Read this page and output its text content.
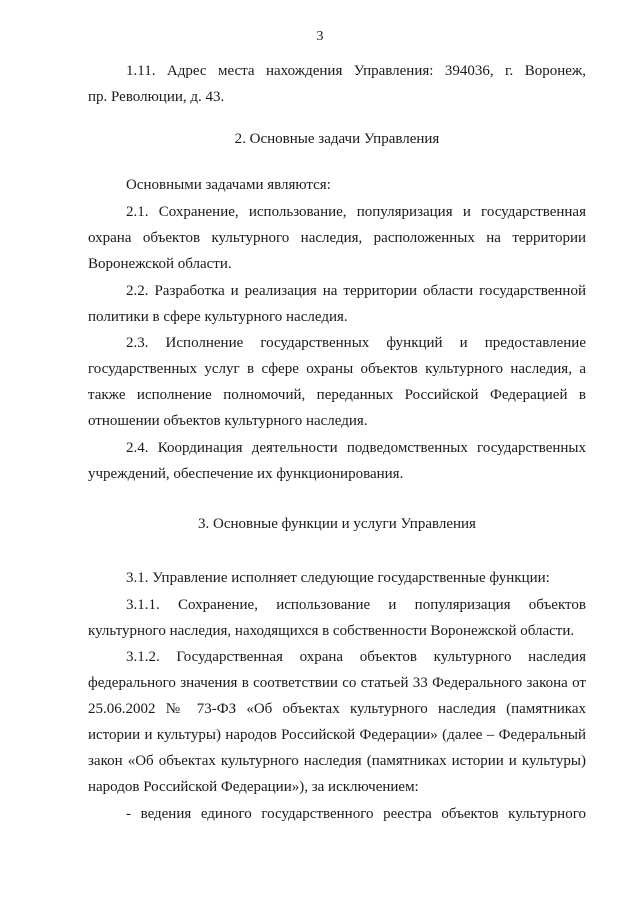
3
1.11. Адрес места нахождения Управления: 394036, г. Воронеж,
пр. Революции, д. 43.
2. Основные задачи Управления
Основными задачами являются:
2.1. Сохранение, использование, популяризация и государственная
охрана объектов культурного наследия, расположенных на территории
Воронежской области.
2.2. Разработка и реализация на территории области государственной
политики в сфере культурного наследия.
2.3. Исполнение государственных функций и предоставление
государственных услуг в сфере охраны объектов культурного наследия, а
также исполнение полномочий, переданных Российской Федерацией в
отношении объектов культурного наследия.
2.4. Координация деятельности подведомственных государственных
учреждений, обеспечение их функционирования.
3. Основные функции и услуги Управления
3.1. Управление исполняет следующие государственные функции:
3.1.1. Сохранение, использование и популяризация объектов
культурного наследия, находящихся в собственности Воронежской области.
3.1.2. Государственная охрана объектов культурного наследия
федерального значения в соответствии со статьей 33 Федерального закона от
25.06.2002 № 73-ФЗ «Об объектах культурного наследия (памятниках
истории и культуры) народов Российской Федерации» (далее – Федеральный
закон «Об объектах культурного наследия (памятниках истории и культуры)
народов Российской Федерации»), за исключением:
- ведения единого государственного реестра объектов культурного
